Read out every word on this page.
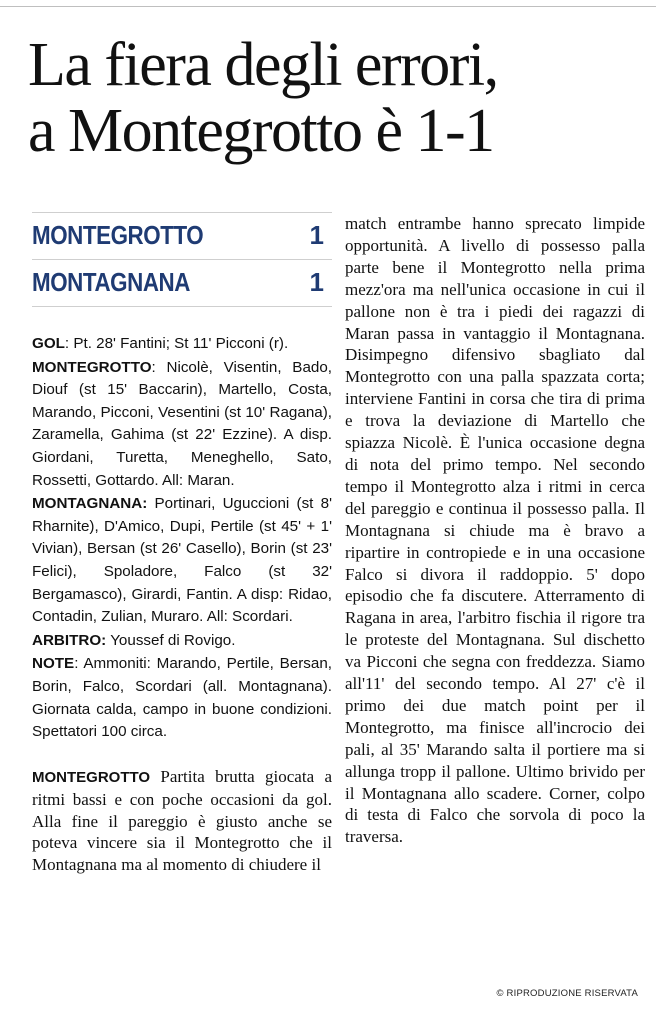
La fiera degli errori,
a Montegrotto è 1-1
MONTEGROTTO	1
MONTAGNANA	1

GOL: Pt. 28' Fantini; St 11' Picconi (r).

MONTEGROTTO: Nicolè, Visentin, Bado, Diouf (st 15' Baccarin), Martello, Costa, Marando, Picconi, Vesentini (st 10' Ragana), Zaramella, Gahima (st 22' Ezzine). A disp. Giordani, Turetta, Meneghello, Sato, Rossetti, Gottardo. All: Maran.

MONTAGNANA: Portinari, Uguccioni (st 8' Rharnite), D'Amico, Dupi, Pertile (st 45' + 1' Vivian), Bersan (st 26' Casello), Borin (st 23' Felici), Spoladore, Falco (st 32' Bergamasco), Girardi, Fantin. A disp: Ridao, Contadin, Zulian, Muraro. All: Scordari.

ARBITRO: Youssef di Rovigo.

NOTE: Ammoniti: Marando, Pertile, Bersan, Borin, Falco, Scordari (all. Montagnana). Giornata calda, campo in buone condizioni. Spettatori 100 circa.

MONTEGROTTO Partita brutta giocata a ritmi bassi e con poche occasioni da gol. Alla fine il pareggio è giusto anche se poteva vincere sia il Montegrotto che il Montagnana ma al momento di chiudere il

match entrambe hanno sprecato limpide opportunità. A livello di possesso palla parte bene il Montegrotto nella prima mezz'ora ma nell'unica occasione in cui il pallone non è tra i piedi dei ragazzi di Maran passa in vantaggio il Montagnana. Disimpegno difensivo sbagliato dal Montegrotto con una palla spazzata corta; interviene Fantini in corsa che tira di prima e trova la deviazione di Martello che spiazza Nicolè. È l'unica occasione degna di nota del primo tempo. Nel secondo tempo il Montegrotto alza i ritmi in cerca del pareggio e continua il possesso palla. Il Montagnana si chiude ma è bravo a ripartire in contropiede e in una occasione Falco si divora il raddoppio. 5' dopo episodio che fa discutere. Atterramento di Ragana in area, l'arbitro fischia il rigore tra le proteste del Montagnana. Sul dischetto va Picconi che segna con freddezza. Siamo all'11' del secondo tempo. Al 27' c'è il primo dei due match point per il Montegrotto, ma finisce all'incrocio dei pali, al 35' Marando salta il portiere ma si allunga tropp il pallone. Ultimo brivido per il Montagnana allo scadere. Corner, colpo di testa di Falco che sorvola di poco la traversa.

© RIPRODUZIONE RISERVATA
